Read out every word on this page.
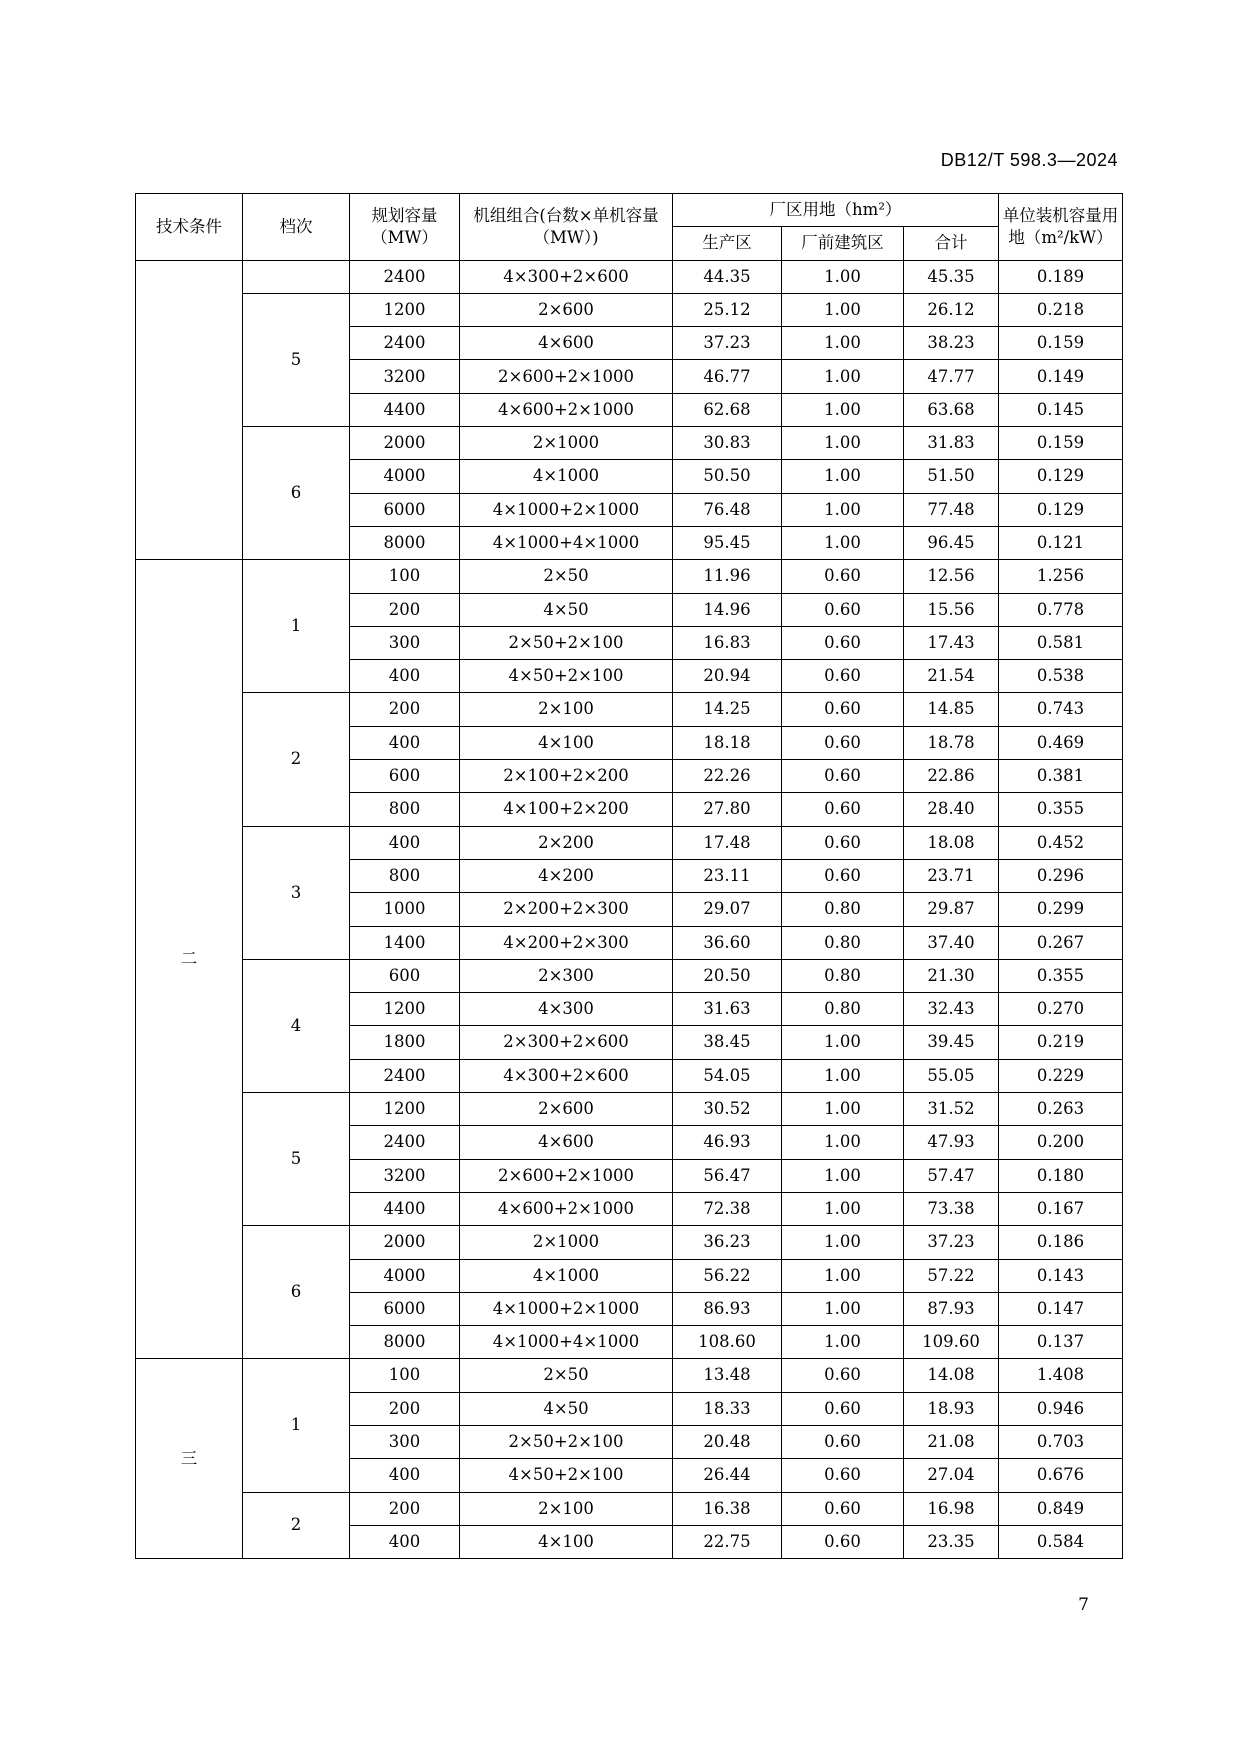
DB12/T 598.3—2024
技术条件	档次	规划容量（MW）	机组组合(台数×单机容量（MW）)	厂区用地（hm²）			单位装机容量用地（m²/kW）
				生产区	厂前建筑区	合计	
		2400	4×300+2×600	44.35	1.00	45.35	0.189
	5	1200	2×600	25.12	1.00	26.12	0.218
		2400	4×600	37.23	1.00	38.23	0.159
		3200	2×600+2×1000	46.77	1.00	47.77	0.149
		4400	4×600+2×1000	62.68	1.00	63.68	0.145
	6	2000	2×1000	30.83	1.00	31.83	0.159
		4000	4×1000	50.50	1.00	51.50	0.129
		6000	4×1000+2×1000	76.48	1.00	77.48	0.129
		8000	4×1000+4×1000	95.45	1.00	96.45	0.121
二	1	100	2×50	11.96	0.60	12.56	1.256
		200	4×50	14.96	0.60	15.56	0.778
		300	2×50+2×100	16.83	0.60	17.43	0.581
		400	4×50+2×100	20.94	0.60	21.54	0.538
	2	200	2×100	14.25	0.60	14.85	0.743
		400	4×100	18.18	0.60	18.78	0.469
		600	2×100+2×200	22.26	0.60	22.86	0.381
		800	4×100+2×200	27.80	0.60	28.40	0.355
	3	400	2×200	17.48	0.60	18.08	0.452
		800	4×200	23.11	0.60	23.71	0.296
		1000	2×200+2×300	29.07	0.80	29.87	0.299
		1400	4×200+2×300	36.60	0.80	37.40	0.267
	4	600	2×300	20.50	0.80	21.30	0.355
		1200	4×300	31.63	0.80	32.43	0.270
		1800	2×300+2×600	38.45	1.00	39.45	0.219
		2400	4×300+2×600	54.05	1.00	55.05	0.229
	5	1200	2×600	30.52	1.00	31.52	0.263
		2400	4×600	46.93	1.00	47.93	0.200
		3200	2×600+2×1000	56.47	1.00	57.47	0.180
		4400	4×600+2×1000	72.38	1.00	73.38	0.167
	6	2000	2×1000	36.23	1.00	37.23	0.186
		4000	4×1000	56.22	1.00	57.22	0.143
		6000	4×1000+2×1000	86.93	1.00	87.93	0.147
		8000	4×1000+4×1000	108.60	1.00	109.60	0.137
三	1	100	2×50	13.48	0.60	14.08	1.408
		200	4×50	18.33	0.60	18.93	0.946
		300	2×50+2×100	20.48	0.60	21.08	0.703
		400	4×50+2×100	26.44	0.60	27.04	0.676
	2	200	2×100	16.38	0.60	16.98	0.849
		400	4×100	22.75	0.60	23.35	0.584
7
